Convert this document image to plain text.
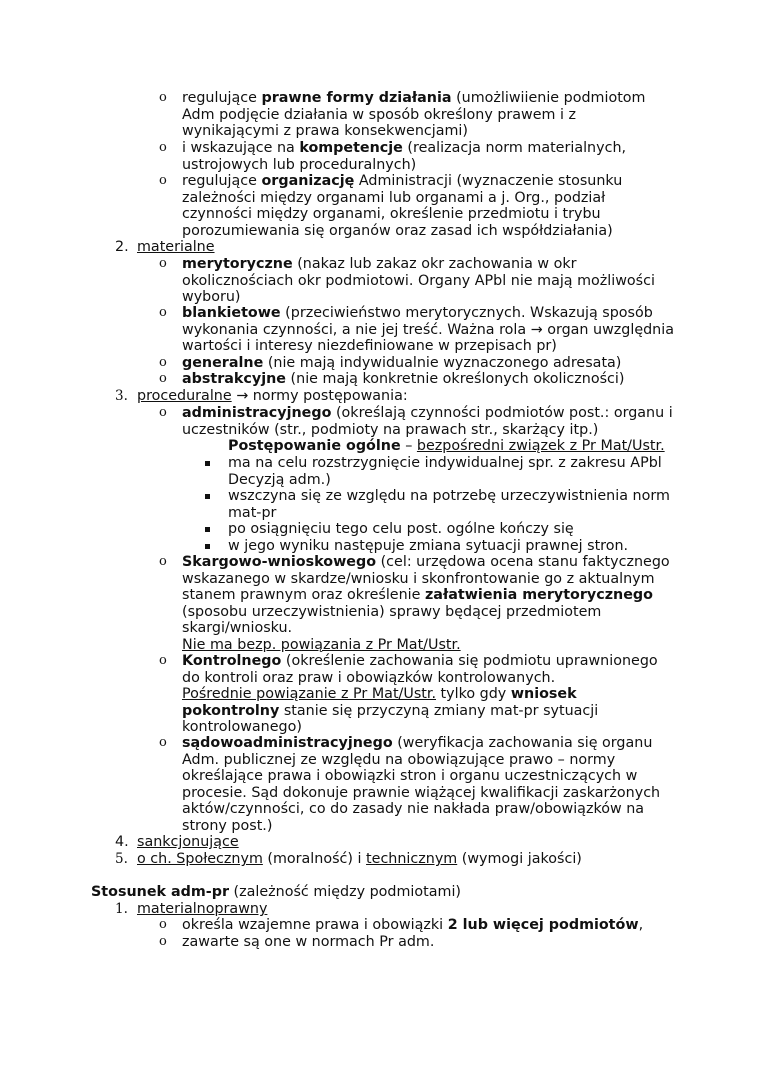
o regulujące prawne formy działania (umożliwiienie podmiotom
Adm podjęcie działania w sposób określony prawem i z
wynikającymi z prawa konsekwencjami)
o i wskazujące na kompetencje (realizacja norm materialnych,
ustrojowych lub proceduralnych)
o regulujące organizację Administracji (wyznaczenie stosunku
zależności między organami lub organami a j. Org., podział
czynności między organami, określenie przedmiotu i trybu
porozumiewania się organów oraz zasad ich współdziałania)
2. materialne
o merytoryczne (nakaz lub zakaz okr zachowania w okr
okolicznościach okr podmiotowi. Organy APbl nie mają możliwości
wyboru)
o blankietowe (przeciwieństwo merytorycznych. Wskazują sposób
wykonania czynności, a nie jej treść. Ważna rola → organ uwzględnia
wartości i interesy niezdefiniowane w przepisach pr)
o generalne (nie mają indywidualnie wyznaczonego adresata)
o abstrakcyjne (nie mają konkretnie określonych okoliczności)
3. proceduralne → normy postępowania:
o administracyjnego (określają czynności podmiotów post.: organu i
uczestników (str., podmioty na prawach str., skarżący itp.)
Postępowanie ogólne – bezpośredni związek z Pr Mat/Ustr.
ma na celu rozstrzygnięcie indywidualnej spr. z zakresu APbl
Decyzją adm.)
wszczyna się ze względu na potrzebę urzeczywistnienia norm
mat-pr
po osiągnięciu tego celu post. ogólne kończy się
w jego wyniku następuje zmiana sytuacji prawnej stron.
o Skargowo-wnioskowego (cel: urzędowa ocena stanu faktycznego
wskazanego w skardze/wniosku i skonfrontowanie go z aktualnym
stanem prawnym oraz określenie załatwienia merytorycznego
(sposobu urzeczywistnienia) sprawy będącej przedmiotem
skargi/wniosku.
Nie ma bezp. powiązania z Pr Mat/Ustr.
o Kontrolnego (określenie zachowania się podmiotu uprawnionego
do kontroli oraz praw i obowiązków kontrolowanych.
Pośrednie powiązanie z Pr Mat/Ustr. tylko gdy wniosek
pokontrolny stanie się przyczyną zmiany mat-pr sytuacji
kontrolowanego)
o sądowoadministracyjnego (weryfikacja zachowania się organu
Adm. publicznej ze względu na obowiązujące prawo – normy
określające prawa i obowiązki stron i organu uczestniczących w
procesie. Sąd dokonuje prawnie wiążącej kwalifikacji zaskarżonych
aktów/czynności, co do zasady nie nakłada praw/obowiązków na
strony post.)
4. sankcjonujące
5. o ch. Społecznym (moralność) i technicznym (wymogi jakości)
Stosunek adm-pr (zależność między podmiotami)
1. materialnoprawny
o określa wzajemne prawa i obowiązki 2 lub więcej podmiotów,
o zawarte są one w normach Pr adm.
